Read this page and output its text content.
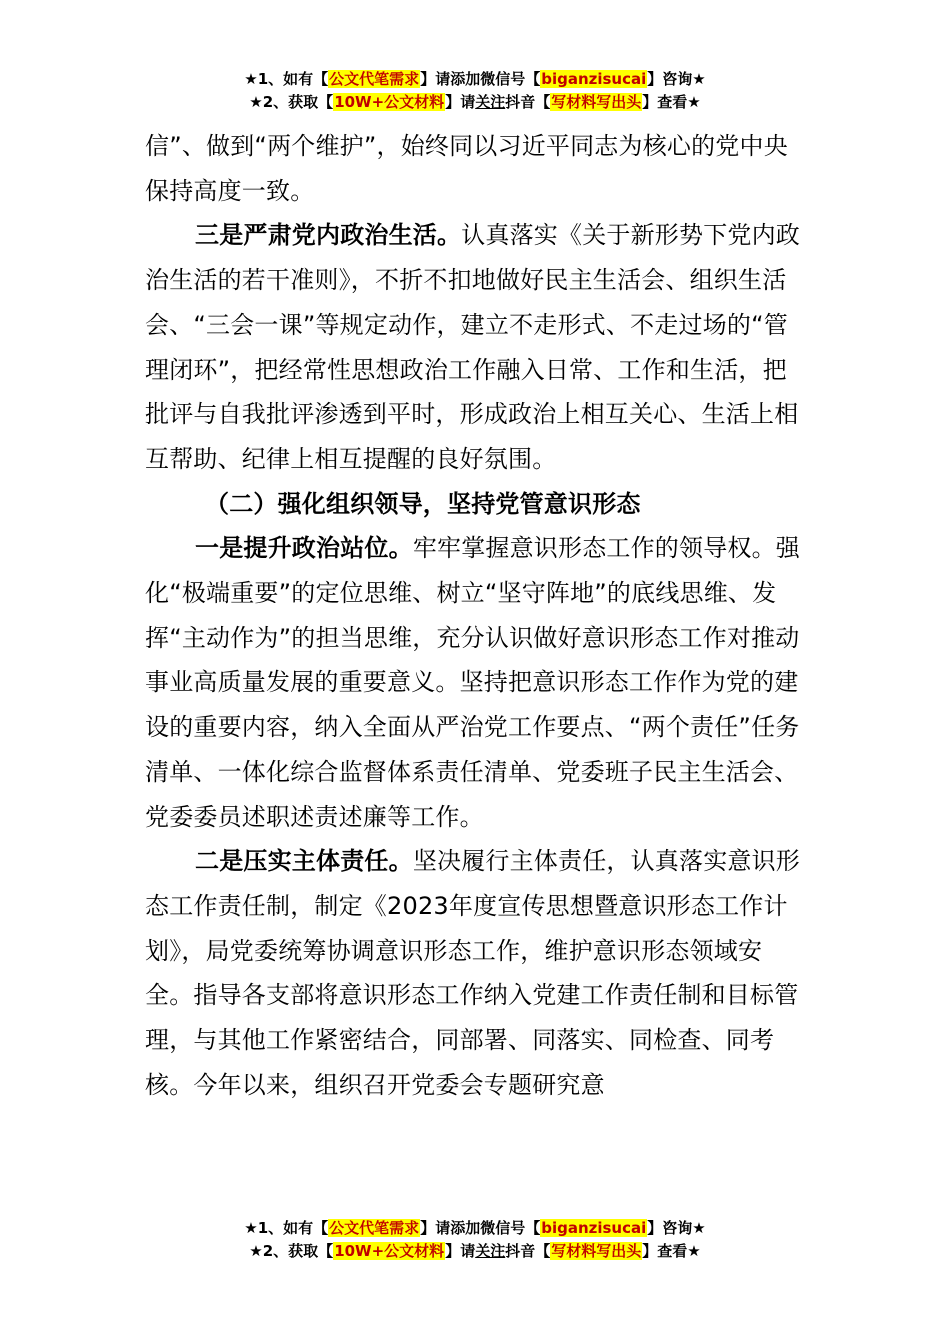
★1、如有【公文代笔需求】请添加微信号【biganzisucai】咨询★
★2、获取【10W+公文材料】请关注抖音【写材料写出头】查看★

信”、做到“两个维护”，始终同以习近平同志为核心的党中央保持高度一致。

三是严肃党内政治生活。认真落实《关于新形势下党内政治生活的若干准则》，不折不扣地做好民主生活会、组织生活会、“三会一课”等规定动作，建立不走形式、不走过场的“管理闭环”，把经常性思想政治工作融入日常、工作和生活，把批评与自我批评渗透到平时，形成政治上相互关心、生活上相互帮助、纪律上相互提醒的良好氛围。

（二）强化组织领导，坚持党管意识形态

一是提升政治站位。牢牢掌握意识形态工作的领导权。强化“极端重要”的定位思维、树立“坚守阵地”的底线思维、发挥“主动作为”的担当思维，充分认识做好意识形态工作对推动事业高质量发展的重要意义。坚持把意识形态工作作为党的建设的重要内容，纳入全面从严治党工作要点、“两个责任”任务清单、一体化综合监督体系责任清单、党委班子民主生活会、党委委员述职述责述廉等工作。

二是压实主体责任。坚决履行主体责任，认真落实意识形态工作责任制，制定《2023年度宣传思想暨意识形态工作计划》，局党委统筹协调意识形态工作，维护意识形态领域安全。指导各支部将意识形态工作纳入党建工作责任制和目标管理，与其他工作紧密结合，同部署、同落实、同检查、同考核。今年以来，组织召开党委会专题研究意

★1、如有【公文代笔需求】请添加微信号【biganzisucai】咨询★
★2、获取【10W+公文材料】请关注抖音【写材料写出头】查看★
